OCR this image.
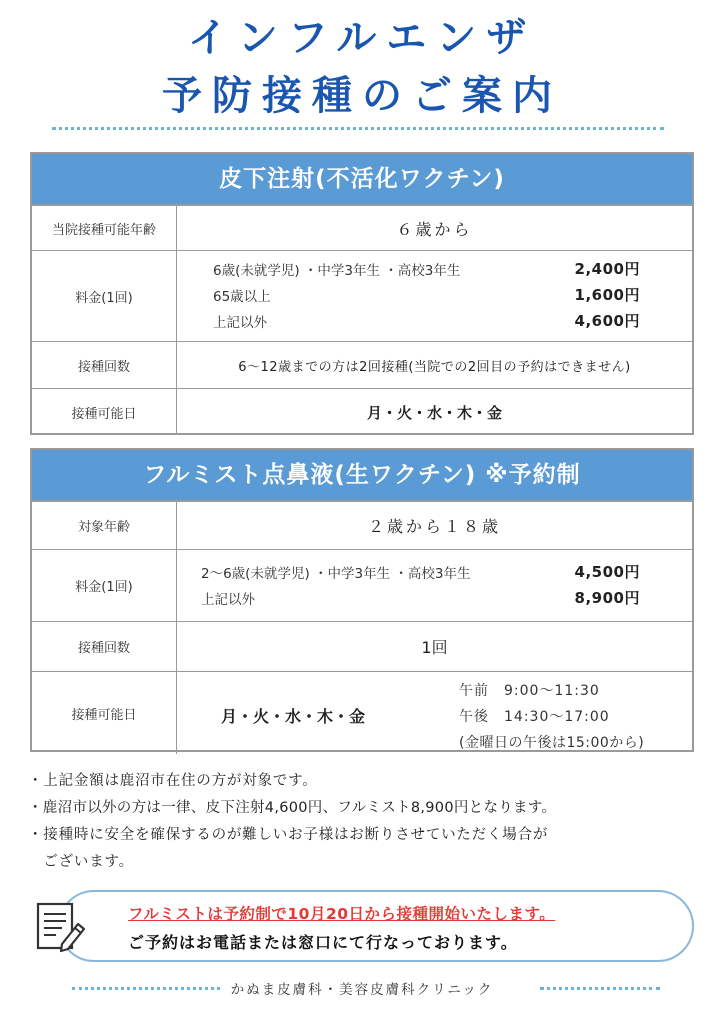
インフルエンザ
予防接種のご案内
皮下注射(不活化ワクチン)
当院接種可能年齢	６歳から
料金(1回)
6歳(未就学児) ・中学3年生 ・高校3年生	2,400円
65歳以上	1,600円
上記以外	4,600円
接種回数	6〜12歳までの方は2回接種(当院での2回目の予約はできません)
接種可能日	月・火・水・木・金
フルミスト点鼻液(生ワクチン) ※予約制
対象年齢	２歳から１８歳
料金(1回)
2〜6歳(未就学児) ・中学3年生 ・高校3年生	4,500円
上記以外	8,900円
接種回数	1回
接種可能日	月・火・水・木・金
午前　9:00〜11:30
午後　14:30〜17:00
(金曜日の午後は15:00から)
・上記金額は鹿沼市在住の方が対象です。
・鹿沼市以外の方は一律、皮下注射4,600円、フルミスト8,900円となります。
・接種時に安全を確保するのが難しいお子様はお断りさせていただく場合が
　ございます。
フルミストは予約制で10月20日から接種開始いたします。
ご予約はお電話または窓口にて行なっております。
かぬま皮膚科・美容皮膚科クリニック
